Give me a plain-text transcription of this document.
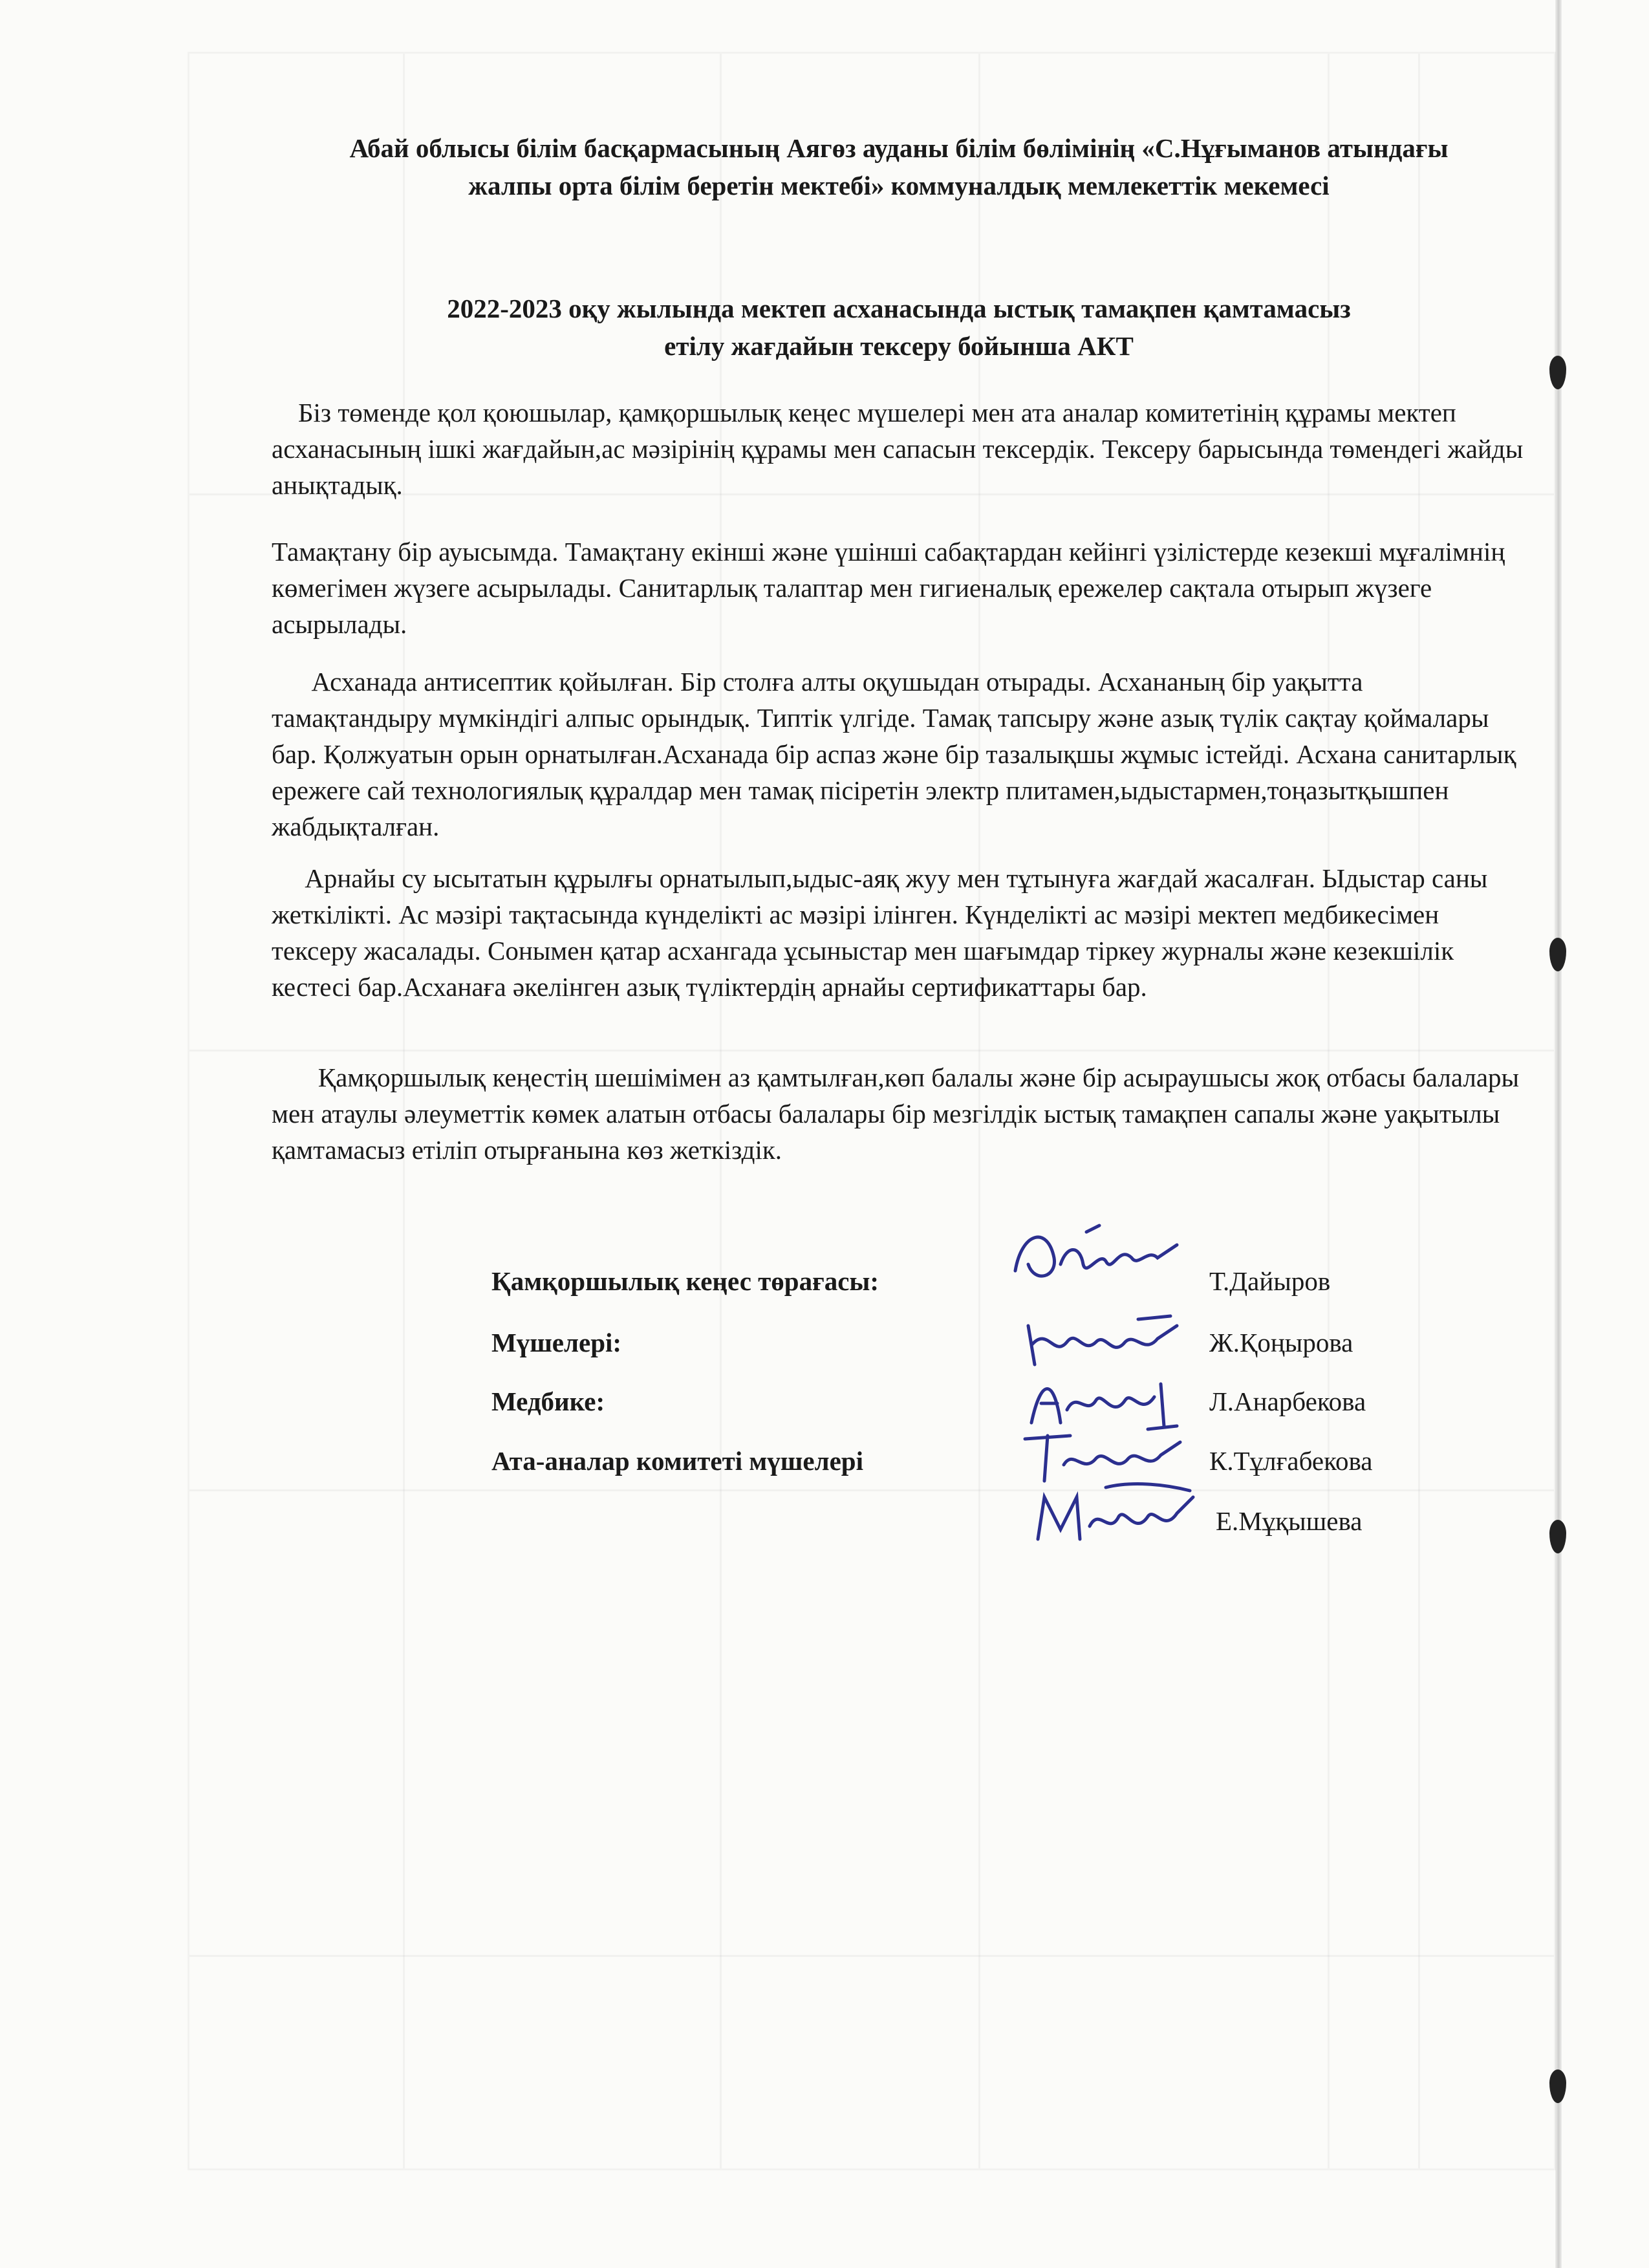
Абай облысы білім басқармасының Аягөз ауданы білім бөлімінің «С.Нұғыманов атындағы

жалпы орта білім беретін мектебі» коммуналдық мемлекеттік мекемесі

2022-2023 оқу жылында мектеп асханасында ыстық тамақпен қамтамасыз

етілу жағдайын тексеру бойынша АКТ

Біз төменде қол қоюшылар, қамқоршылық кеңес мүшелері мен ата аналар комитетінің құрамы мектеп асханасының ішкі жағдайын,ас мәзірінің құрамы мен сапасын тексердік. Тексеру барысында төмендегі жайды анықтадық.

Тамақтану бір ауысымда. Тамақтану екінші және үшінші сабақтардан кейінгі үзілістерде кезекші мұғалімнің көмегімен жүзеге асырылады. Санитарлық талаптар мен гигиеналық ережелер сақтала отырып жүзеге асырылады.

Асханада антисептик қойылған. Бір столға алты оқушыдан отырады. Асхананың бір уақытта тамақтандыру мүмкіндігі алпыс орындық. Типтік үлгіде. Тамақ тапсыру және азық түлік сақтау қоймалары бар. Қолжуатын орын орнатылған.Асханада бір аспаз және бір тазалықшы жұмыс істейді. Асхана санитарлық ережеге сай технологиялық құралдар мен тамақ пісіретін электр плитамен,ыдыстармен,тоңазытқышпен жабдықталған.

Арнайы су ысытатын құрылғы орнатылып,ыдыс-аяқ жуу мен тұтынуға жағдай жасалған. Ыдыстар саны жеткілікті. Ас мәзірі тақтасында күнделікті ас мәзірі ілінген. Күнделікті ас мәзірі мектеп медбикесімен тексеру жасалады. Сонымен қатар асхангада ұсыныстар мен шағымдар тіркеу журналы және кезекшілік кестесі бар.Асханаға әкелінген азық түліктердің арнайы сертификаттары бар.

Қамқоршылық кеңестің шешімімен аз қамтылған,көп балалы және бір асыраушысы жоқ отбасы балалары мен атаулы әлеуметтік көмек алатын отбасы балалары бір мезгілдік ыстық тамақпен сапалы және уақытылы қамтамасыз етіліп отырғанына көз жеткіздік.

Қамқоршылық кеңес төрағасы:	Т.Дайыров
Мүшелері:	Ж.Қоңырова
Медбике:	Л.Анарбекова
Ата-аналар комитеті мүшелері	К.Тұлғабекова
Е.Мұқышева
